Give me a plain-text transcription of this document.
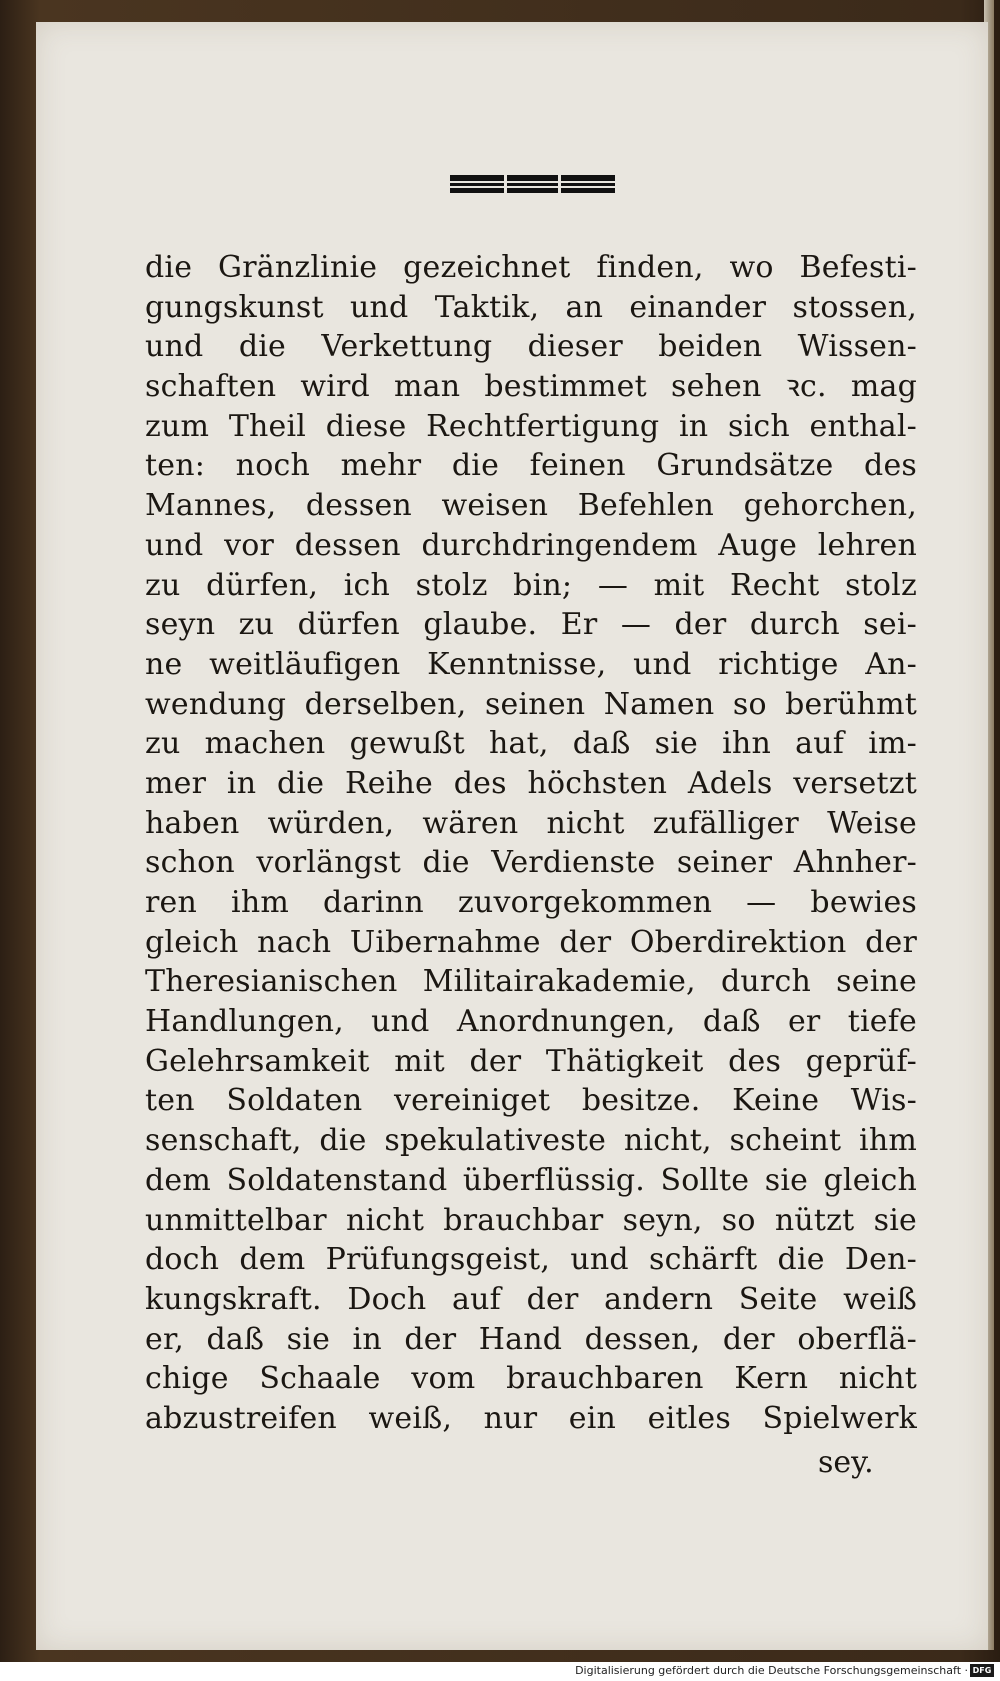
die Gränzlinie gezeichnet finden, wo Befesti-
gungskunst und Taktik, an einander stossen,
und die Verkettung dieser beiden Wissen-
schaften wird man bestimmet sehen ꝛc. mag
zum Theil diese Rechtfertigung in sich enthal-
ten: noch mehr die feinen Grundsätze des
Mannes, dessen weisen Befehlen gehorchen,
und vor dessen durchdringendem Auge lehren
zu dürfen, ich stolz bin; — mit Recht stolz
seyn zu dürfen glaube. Er — der durch sei-
ne weitläufigen Kenntnisse, und richtige An-
wendung derselben, seinen Namen so berühmt
zu machen gewußt hat, daß sie ihn auf im-
mer in die Reihe des höchsten Adels versetzt
haben würden, wären nicht zufälliger Weise
schon vorlängst die Verdienste seiner Ahnher-
ren ihm darinn zuvorgekommen — bewies
gleich nach Uibernahme der Oberdirektion der
Theresianischen Militairakademie, durch seine
Handlungen, und Anordnungen, daß er tiefe
Gelehrsamkeit mit der Thätigkeit des geprüf-
ten Soldaten vereiniget besitze. Keine Wis-
senschaft, die spekulativeste nicht, scheint ihm
dem Soldatenstand überflüssig. Sollte sie gleich
unmittelbar nicht brauchbar seyn, so nützt sie
doch dem Prüfungsgeist, und schärft die Den-
kungskraft. Doch auf der andern Seite weiß
er, daß sie in der Hand dessen, der oberflä-
chige Schaale vom brauchbaren Kern nicht
abzustreifen weiß, nur ein eitles Spielwerk
sey.
Digitalisierung gefördert durch die Deutsche Forschungsgemeinschaft · DFG
